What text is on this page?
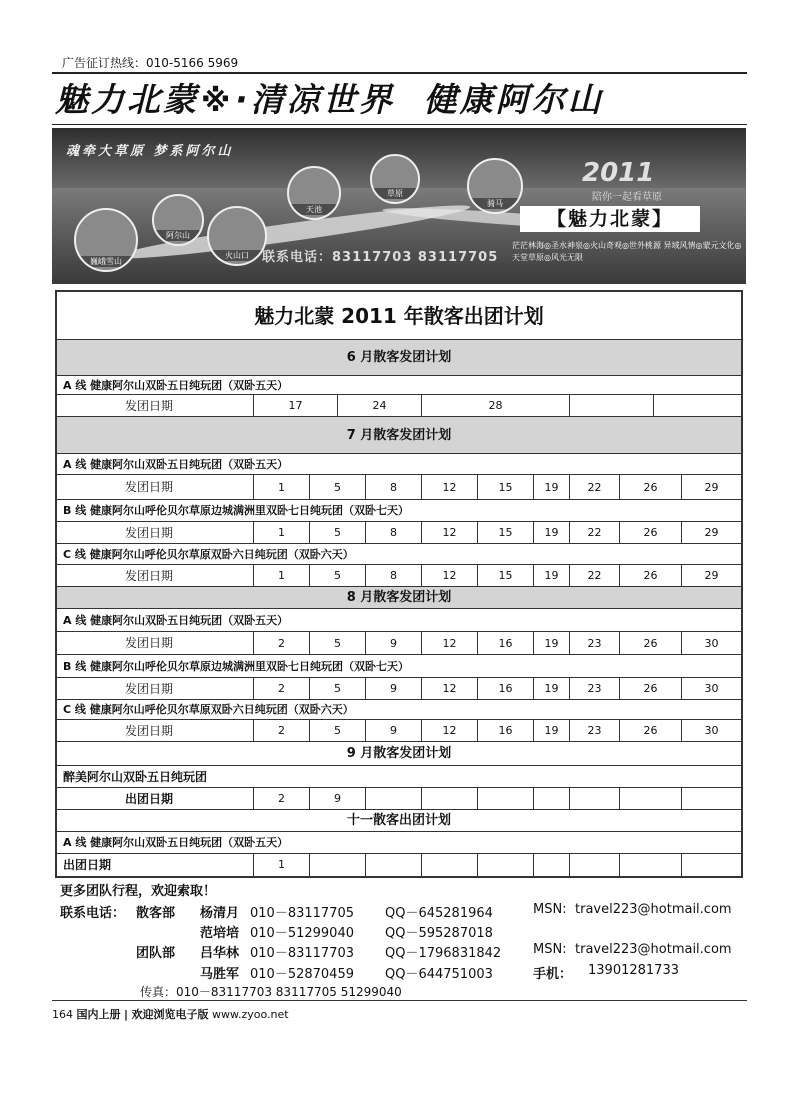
广告征订热线：010-5166 5969
魅力北蒙※·清凉世界 健康阿尔山
魂牵大草原 梦系阿尔山
巍峨雪山
阿尔山
火山口
天池
草原
骑马
2011
陪你一起看草原
【魅力北蒙】
联系电话：83117703 83117705
茫茫林海◎圣水神泉◎火山奇观◎世外桃源 异域风情◎蒙元文化◎天堂草原◎风光无限
魅力北蒙 2011 年散客出团计划
6 月散客发团计划
A 线 健康阿尔山双卧五日纯玩团（双卧五天）
发团日期	17	24	28
7 月散客发团计划
A 线 健康阿尔山双卧五日纯玩团（双卧五天）
发团日期	1	5	8	12	15	19	22	26	29
B 线 健康阿尔山呼伦贝尔草原边城满洲里双卧七日纯玩团（双卧七天）
发团日期	1	5	8	12	15	19	22	26	29
C 线 健康阿尔山呼伦贝尔草原双卧六日纯玩团（双卧六天）
发团日期	1	5	8	12	15	19	22	26	29
8 月散客发团计划
A 线 健康阿尔山双卧五日纯玩团（双卧五天）
发团日期	2	5	9	12	16	19	23	26	30
B 线 健康阿尔山呼伦贝尔草原边城满洲里双卧七日纯玩团（双卧七天）
发团日期	2	5	9	12	16	19	23	26	30
C 线 健康阿尔山呼伦贝尔草原双卧六日纯玩团（双卧六天）
发团日期	2	5	9	12	16	19	23	26	30
9 月散客发团计划
醉美阿尔山双卧五日纯玩团
出团日期	2	9
十一散客出团计划
A 线 健康阿尔山双卧五日纯玩团（双卧五天）
出团日期	1
更多团队行程，欢迎索取！
联系电话： 散客部
团队部
杨清月 010－83117705 QQ－645281964	MSN: travel223@hotmail.com
范培培 010－51299040 QQ－595287018
吕华林 010－83117703 QQ－1796831842 MSN: travel223@hotmail.com
马胜军 010－52870459 QQ－644751003	手机： 13901281733
传真：010－83117703 83117705 51299040
164 国内上册 | 欢迎浏览电子版 www.zyoo.net
